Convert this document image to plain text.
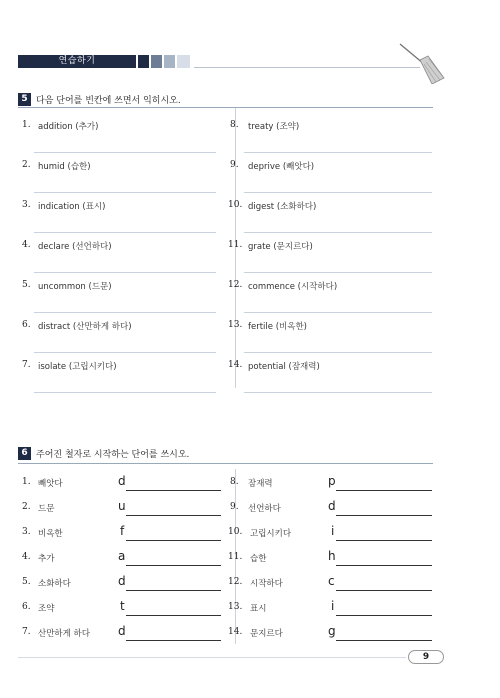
연습하기
5 다음 단어를 빈칸에 쓰면서 익히시오.
1. addition (추가)
2. humid (습한)
3. indication (표시)
4. declare (선언하다)
5. uncommon (드문)
6. distract (산만하게 하다)
7. isolate (고립시키다)
8. treaty (조약)
9. deprive (빼앗다)
10. digest (소화하다)
11. grate (문지르다)
12. commence (시작하다)
13. fertile (비옥한)
14. potential (잠재력)
6 주어진 철자로 시작하는 단어를 쓰시오.
1. 빼앗다	d
2. 드문	u
3. 비옥한	f
4. 추가	a
5. 소화하다	d
6. 조약	t
7. 산만하게 하다 d
8. 잠재력	p
9. 선언하다	d
10. 고립시키다	i
11. 습한	h
12. 시작하다	c
13. 표시	i
14. 문지르다	g
9
